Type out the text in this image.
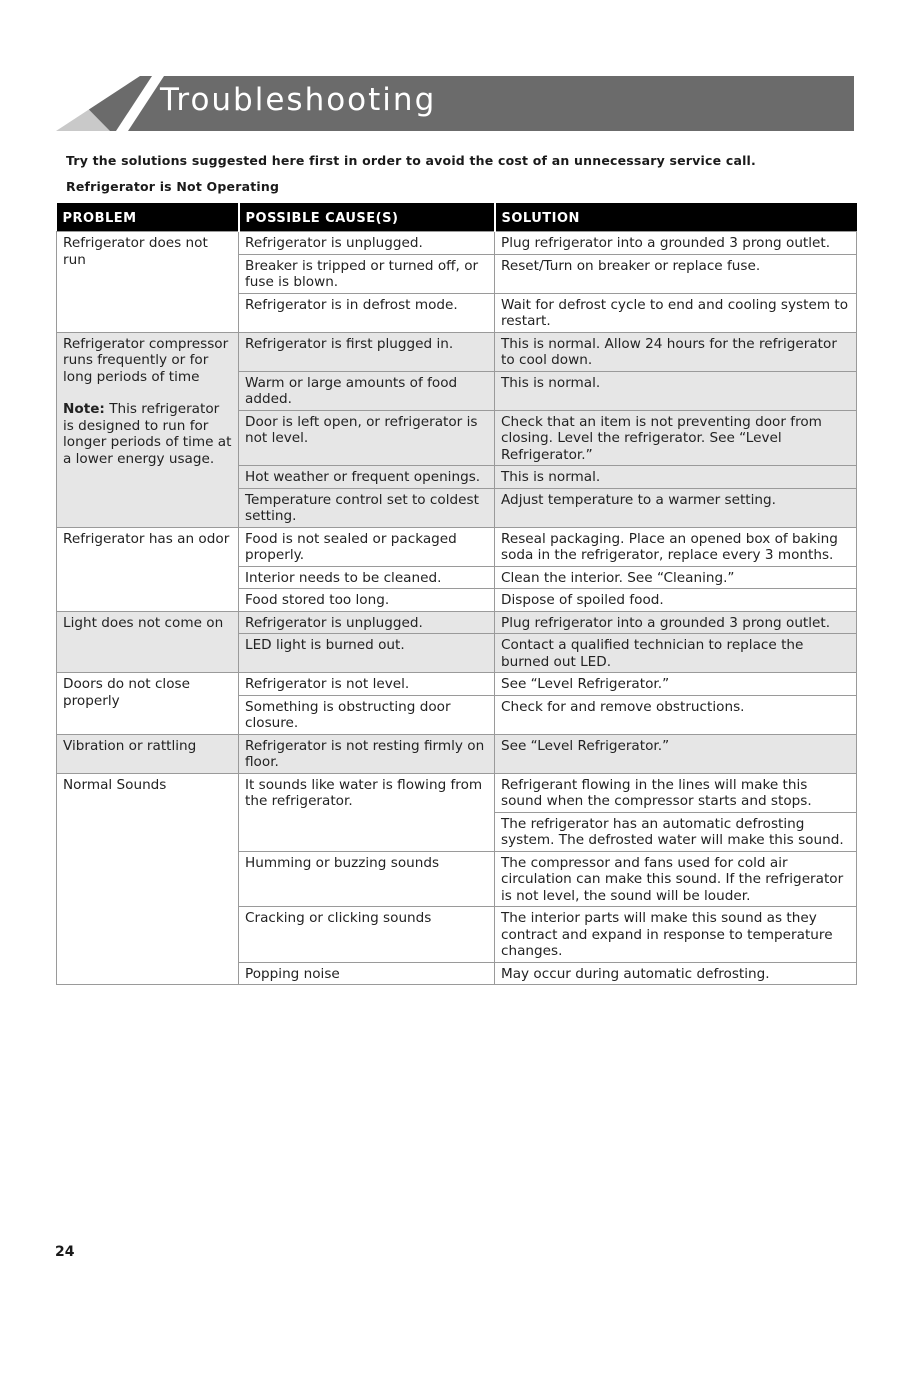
Troubleshooting
Try the solutions suggested here first in order to avoid the cost of an unnecessary service call.
Refrigerator is Not Operating
PROBLEM	POSSIBLE CAUSE(S)	SOLUTION

Refrigerator does not run	Refrigerator is unplugged.	Plug refrigerator into a grounded 3 prong outlet.
	Breaker is tripped or turned off, or fuse is blown.	Reset/Turn on breaker or replace fuse.
	Refrigerator is in defrost mode.	Wait for defrost cycle to end and cooling system to restart.

Refrigerator compressor runs frequently or for long periods of time
Note: This refrigerator is designed to run for longer periods of time at a lower energy usage.	Refrigerator is first plugged in.	This is normal. Allow 24 hours for the refrigerator to cool down.
	Warm or large amounts of food added.	This is normal.
	Door is left open, or refrigerator is not level.	Check that an item is not preventing door from closing. Level the refrigerator. See “Level Refrigerator.”
	Hot weather or frequent openings.	This is normal.
	Temperature control set to coldest setting.	Adjust temperature to a warmer setting.

Refrigerator has an odor	Food is not sealed or packaged properly.	Reseal packaging. Place an opened box of baking soda in the refrigerator, replace every 3 months.
	Interior needs to be cleaned.	Clean the interior. See “Cleaning.”
	Food stored too long.	Dispose of spoiled food.

Light does not come on	Refrigerator is unplugged.	Plug refrigerator into a grounded 3 prong outlet.
	LED light is burned out.	Contact a qualified technician to replace the burned out LED.

Doors do not close properly	Refrigerator is not level.	See “Level Refrigerator.”
	Something is obstructing door closure.	Check for and remove obstructions.

Vibration or rattling	Refrigerator is not resting firmly on floor.	See “Level Refrigerator.”

Normal Sounds	It sounds like water is flowing from the refrigerator.	Refrigerant flowing in the lines will make this sound when the compressor starts and stops.
		The refrigerator has an automatic defrosting system. The defrosted water will make this sound.
	Humming or buzzing sounds	The compressor and fans used for cold air circulation can make this sound. If the refrigerator is not level, the sound will be louder.
	Cracking or clicking sounds	The interior parts will make this sound as they contract and expand in response to temperature changes.
	Popping noise	May occur during automatic defrosting.
24
